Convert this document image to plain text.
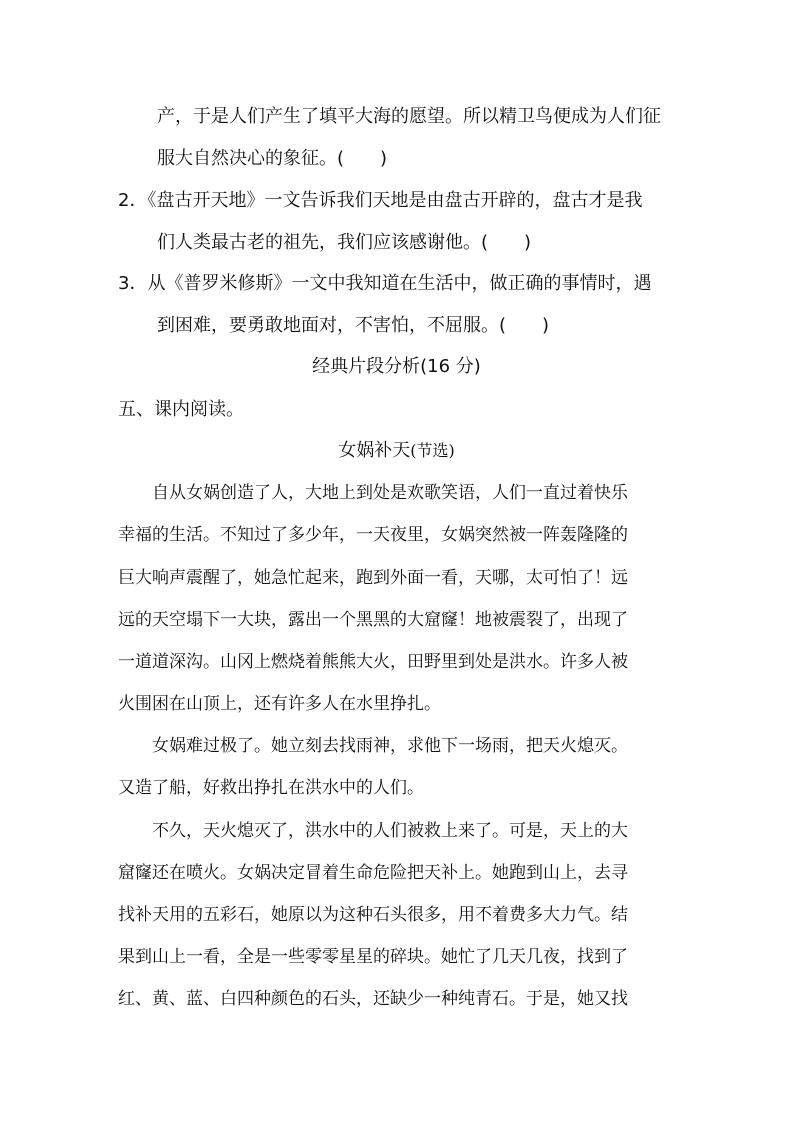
产，于是人们产生了填平大海的愿望。所以精卫鸟便成为人们征
服大自然决心的象征。(　　)
2．《盘古开天地》一文告诉我们天地是由盘古开辟的，盘古才是我
们人类最古老的祖先，我们应该感谢他。(　　)
3．从《普罗米修斯》一文中我知道在生活中，做正确的事情时，遇
到困难，要勇敢地面对，不害怕，不屈服。(　　)
经典片段分析(16 分)
五、课内阅读。
女娲补天(节选)
　　自从女娲创造了人，大地上到处是欢歌笑语，人们一直过着快乐
幸福的生活。不知过了多少年，一天夜里，女娲突然被一阵轰隆隆的
巨大响声震醒了，她急忙起来，跑到外面一看，天哪，太可怕了！远
远的天空塌下一大块，露出一个黑黑的大窟窿！地被震裂了，出现了
一道道深沟。山冈上燃烧着熊熊大火，田野里到处是洪水。许多人被
火围困在山顶上，还有许多人在水里挣扎。
　　女娲难过极了。她立刻去找雨神，求他下一场雨，把天火熄灭。
又造了船，好救出挣扎在洪水中的人们。
　　不久，天火熄灭了，洪水中的人们被救上来了。可是，天上的大
窟窿还在喷火。女娲决定冒着生命危险把天补上。她跑到山上，去寻
找补天用的五彩石，她原以为这种石头很多，用不着费多大力气。结
果到山上一看，全是一些零零星星的碎块。她忙了几天几夜，找到了
红、黄、蓝、白四种颜色的石头，还缺少一种纯青石。于是，她又找
